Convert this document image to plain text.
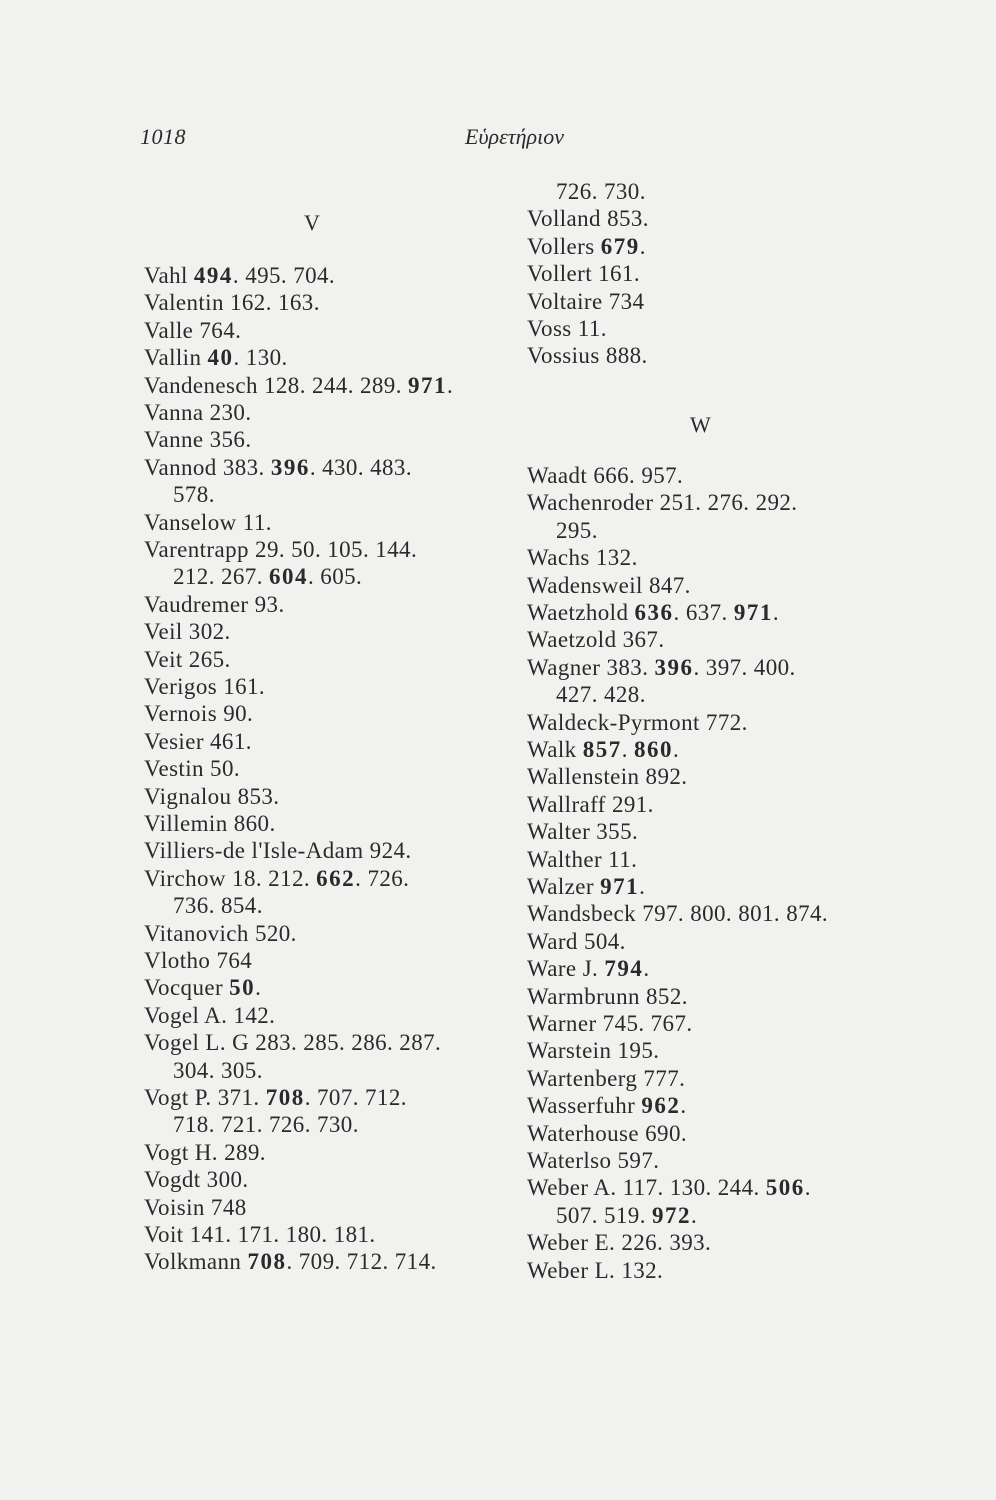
1018	Εὑρετήριον
V
Vahl 494. 495. 704.
Valentin 162. 163.
Valle 764.
Vallin 40. 130.
Vandenesch 128. 244. 289. 971.
Vanna 230.
Vanne 356.
Vannod 383. 396. 430. 483.
578.
Vanselow 11.
Varentrapp 29. 50. 105. 144.
212. 267. 604. 605.
Vaudremer 93.
Veil 302.
Veit 265.
Verigos 161.
Vernois 90.
Vesier 461.
Vestin 50.
Vignalou 853.
Villemin 860.
Villiers-de l'Isle-Adam 924.
Virchow 18. 212. 662. 726.
736. 854.
Vitanovich 520.
Vlotho 764
Vocquer 50.
Vogel A. 142.
Vogel L. G 283. 285. 286. 287.
304. 305.
Vogt P. 371. 708. 707. 712.
718. 721. 726. 730.
Vogt H. 289.
Vogdt 300.
Voisin 748
Voit 141. 171. 180. 181.
Volkmann 708. 709. 712. 714.
W
726. 730.
Volland 853.
Vollers 679.
Vollert 161.
Voltaire 734
Voss 11.
Vossius 888.
Waadt 666. 957.
Wachenroder 251. 276. 292.
295.
Wachs 132.
Wadensweil 847.
Waetzhold 636. 637. 971.
Waetzold 367.
Wagner 383. 396. 397. 400.
427. 428.
Waldeck-Pyrmont 772.
Walk 857. 860.
Wallenstein 892.
Wallraff 291.
Walter 355.
Walther 11.
Walzer 971.
Wandsbeck 797. 800. 801. 874.
Ward 504.
Ware J. 794.
Warmbrunn 852.
Warner 745. 767.
Warstein 195.
Wartenberg 777.
Wasserfuhr 962.
Waterhouse 690.
Waterlso 597.
Weber A. 117. 130. 244. 506.
507. 519. 972.
Weber E. 226. 393.
Weber L. 132.
